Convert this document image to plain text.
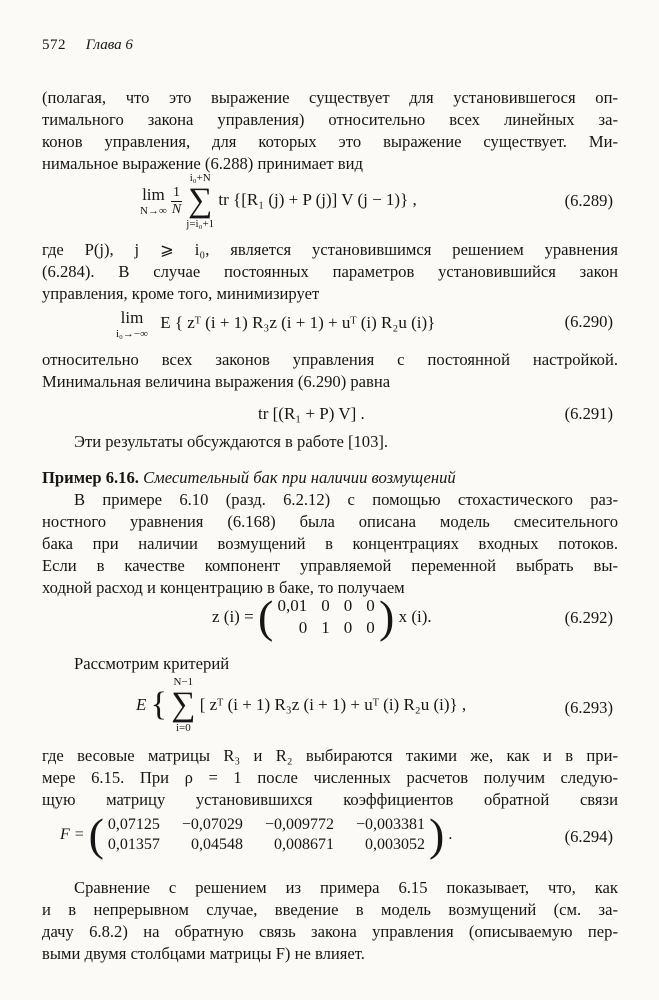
572 Глава 6
(полагая, что это выражение существует для установившегося оп-
тимального закона управления) относительно всех линейных за-
конов управления, для которых это выражение существует. Ми-
нимальное выражение (6.288) принимает вид
lim
N→∞
$\frac{1}{N}$

i₀+N
∑
j=i₀+1
tr {[R₁ (j) + P (j)] V (j − 1)} ,	(6.289)
где P(j), j ⩾ i₀, является установившимся решением уравнения
(6.284). В случае постоянных параметров установившийся закон
управления, кроме того, минимизирует
lim
i₀→−∞
E { zᵀ (i + 1) R₃z (i + 1) + uᵀ (i) R₂u (i)}	(6.290)
относительно всех законов управления с постоянной настройкой.
Минимальная величина выражения (6.290) равна
tr [(R₁ + P) V] .	(6.291)
Эти результаты обсуждаются в работе [103].
Пример 6.16. Смесительный бак при наличии возмущений
В примере 6.10 (разд. 6.2.12) с помощью стохастического раз-
ностного уравнения (6.168) была описана модель смесительного
бака при наличии возмущений в концентрациях входных потоков.
Если в качестве компонент управляемой переменной выбрать вы-
ходной расход и концентрацию в баке, то получаем
z (i) = ( 0,01 0 0 0
0 1 0 0 ) x (i).	(6.292)
Рассмотрим критерий
E {
N−1
∑
i=0
[ zᵀ (i + 1) R₃z (i + 1) + uᵀ (i) R₂u (i)} ,	(6.293)
где весовые матрицы R₃ и R₂ выбираются такими же, как и в при-
мере 6.15. При ρ = 1 после численных расчетов получим следую-
щую матрицу установившихся коэффициентов обратной связи
F = ( 0,07125 −0,07029 −0,009772 −0,003381
0,01357	0,04548	0,008671	0,003052 ) .	(6.294)
Сравнение с решением из примера 6.15 показывает, что, как
и в непрерывном случае, введение в модель возмущений (см. за-
дачу 6.8.2) на обратную связь закона управления (описываемую пер-
выми двумя столбцами матрицы F) не влияет.
